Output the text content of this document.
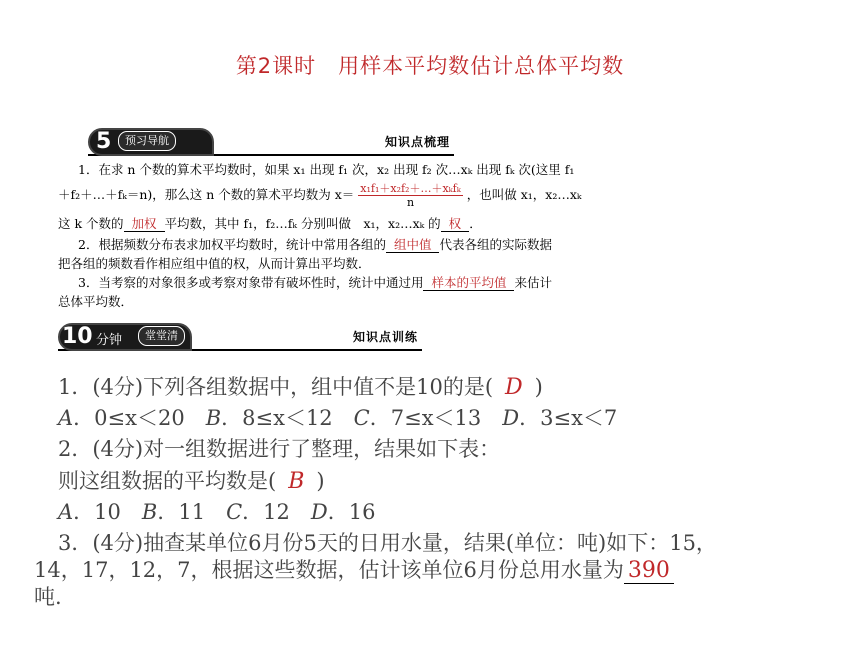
第2课时　用样本平均数估计总体平均数
5	预习导航	知识点梳理
1．在求 n 个数的算术平均数时，如果 x₁ 出现 f₁ 次，x₂ 出现 f₂ 次…xₖ 出现 fₖ 次(这里 f₁
＋f₂＋…＋fₖ＝n)，那么这 n 个数的算术平均数为 $x= \frac{\text{x₁f₁＋x₂f₂＋…＋xₖfₖ}}{n}$ ，也叫做 x₁，x₂…xₖ
这 k 个数的 加权 平均数，其中 f₁，f₂…fₖ 分别叫做　x₁，x₂…xₖ 的 权 ．
2．根据频数分布表求加权平均数时，统计中常用各组的 组中值 代表各组的实际数据
把各组的频数看作相应组中值的权，从而计算出平均数．
3．当考察的对象很多或考察对象带有破坏性时，统计中通过用 样本的平均值 来估计
总体平均数．
10 分钟	堂堂清	知识点训练
1．(4分)下列各组数据中，组中值不是10的是( D )
A．0≤x＜20　B．8≤x＜12　C．7≤x＜13　D．3≤x＜7
2．(4分)对一组数据进行了整理，结果如下表：
则这组数据的平均数是( B )
A．10　B．11　C．12　D．16
3．(4分)抽查某单位6月份5天的日用水量，结果(单位：吨)如下：15，
14，17，12，7，根据这些数据，估计该单位6月份总用水量为 390
吨.
